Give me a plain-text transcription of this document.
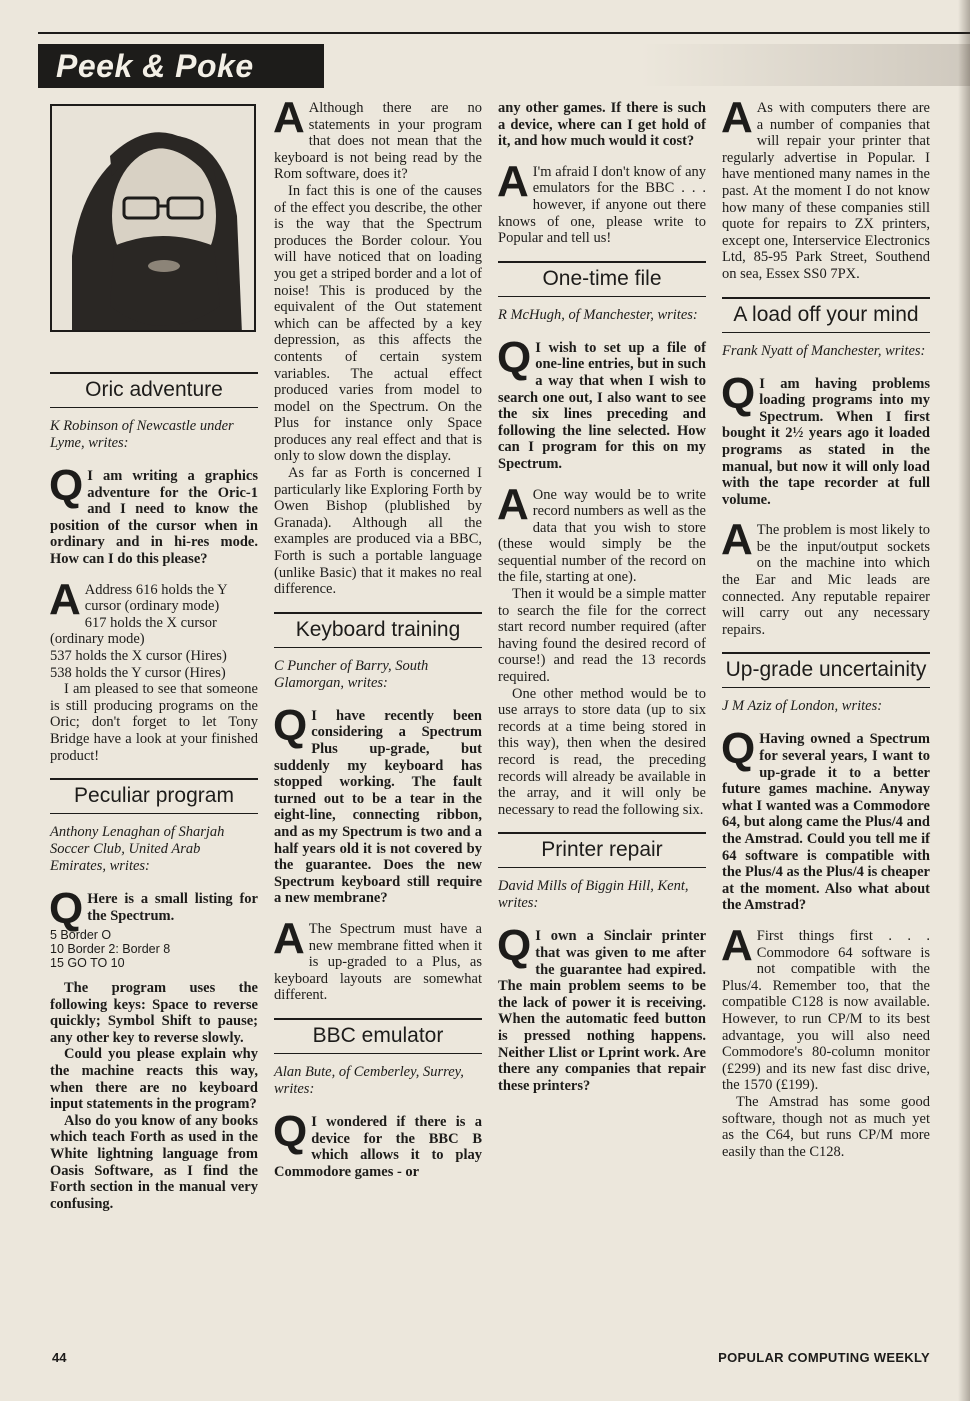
Peek & Poke
Oric adventure
K Robinson of Newcastle under Lyme, writes:

Q I am writing a graphics adventure for the Oric-1 and I need to know the position of the cursor when in ordinary and in hi-res mode. How can I do this please?

A Address 616 holds the Y cursor (ordinary mode)

617 holds the X cursor (ordinary mode)

537 holds the X cursor (Hires)

538 holds the Y cursor (Hires)

I am pleased to see that someone is still producing programs on the Oric; don't forget to let Tony Bridge have a look at your finished product!

Peculiar program
Anthony Lenaghan of Sharjah Soccer Club, United Arab Emirates, writes:

Q Here is a small listing for the Spectrum.

5 Border O
10 Border 2: Border 8
15 GO TO 10

The program uses the following keys: Space to reverse quickly; Symbol Shift to pause; any other key to reverse slowly.

Could you please explain why the machine reacts this way, when there are no keyboard input statements in the program?

Also do you know of any books which teach Forth as used in the White lightning language from Oasis Software, as I find the Forth section in the manual very confusing.

A Although there are no statements in your program that does not mean that the keyboard is not being read by the Rom software, does it?

In fact this is one of the causes of the effect you describe, the other is the way that the Spectrum produces the Border colour. You will have noticed that on loading you get a striped border and a lot of noise! This is produced by the equivalent of the Out statement which can be affected by a key depression, as this affects the contents of certain system variables. The actual effect produced varies from model to model on the Spectrum. On the Plus for instance only Space produces any real effect and that is only to slow down the display.

As far as Forth is concerned I particularly like Exploring Forth by Owen Bishop (plublished by Granada). Although all the examples are produced via a BBC, Forth is such a portable language (unlike Basic) that it makes no real difference.

Keyboard training
C Puncher of Barry, South Glamorgan, writes:

Q I have recently been considering a Spectrum Plus up-grade, but suddenly my keyboard has stopped working. The fault turned out to be a tear in the eight-line, connecting ribbon, and as my Spectrum is two and a half years old it is not covered by the guarantee. Does the new Spectrum keyboard still require a new membrane?

A The Spectrum must have a new membrane fitted when it is up-graded to a Plus, as keyboard layouts are somewhat different.

BBC emulator
Alan Bute, of Cemberley, Surrey, writes:

Q I wondered if there is a device for the BBC B which allows it to play Commodore games - or

any other games. If there is such a device, where can I get hold of it, and how much would it cost?

A I'm afraid I don't know of any emulators for the BBC . . . however, if anyone out there knows of one, please write to Popular and tell us!

One-time file
R McHugh, of Manchester, writes:

Q I wish to set up a file of one-line entries, but in such a way that when I wish to search one out, I also want to see the six lines preceding and following the line selected. How can I program for this on my Spectrum.

A One way would be to write record numbers as well as the data that you wish to store (these would simply be the sequential number of the record on the file, starting at one).

Then it would be a simple matter to search the file for the correct start record number required (after having found the desired record of course!) and read the 13 records required.

One other method would be to use arrays to store data (up to six records at a time being stored in this way), then when the desired record is read, the preceding records will already be available in the array, and it will only be necessary to read the following six.

Printer repair
David Mills of Biggin Hill, Kent, writes:

Q I own a Sinclair printer that was given to me after the guarantee had expired. The main problem seems to be the lack of power it is receiving. When the automatic feed button is pressed nothing happens. Neither Llist or Lprint work. Are there any companies that repair these printers?

A As with computers there are a number of companies that will repair your printer that regularly advertise in Popular. I have mentioned many names in the past. At the moment I do not know how many of these companies still quote for repairs to ZX printers, except one, Interservice Electronics Ltd, 85-95 Park Street, Southend on sea, Essex SS0 7PX.

A load off your mind
Frank Nyatt of Manchester, writes:

Q I am having problems loading programs into my Spectrum. When I first bought it 2½ years ago it loaded programs as stated in the manual, but now it will only load with the tape recorder at full volume.

A The problem is most likely to be the input/output sockets on the machine into which the Ear and Mic leads are connected. Any reputable repairer will carry out any necessary repairs.

Up-grade uncertainity
J M Aziz of London, writes:

Q Having owned a Spectrum for several years, I want to up-grade it to a better future games machine. Anyway what I wanted was a Commodore 64, but along came the Plus/4 and the Amstrad. Could you tell me if 64 software is compatible with the Plus/4 as the Plus/4 is cheaper at the moment. Also what about the Amstrad?

A First things first . . . Commodore 64 software is not compatible with the Plus/4. Remember too, that the compatible C128 is now available. However, to run CP/M to its best advantage, you will also need Commodore's 80-column monitor (£299) and its new fast disc drive, the 1570 (£199).

The Amstrad has some good software, though not as much yet as the C64, but runs CP/M more easily than the C128.

44	POPULAR COMPUTING WEEKLY
